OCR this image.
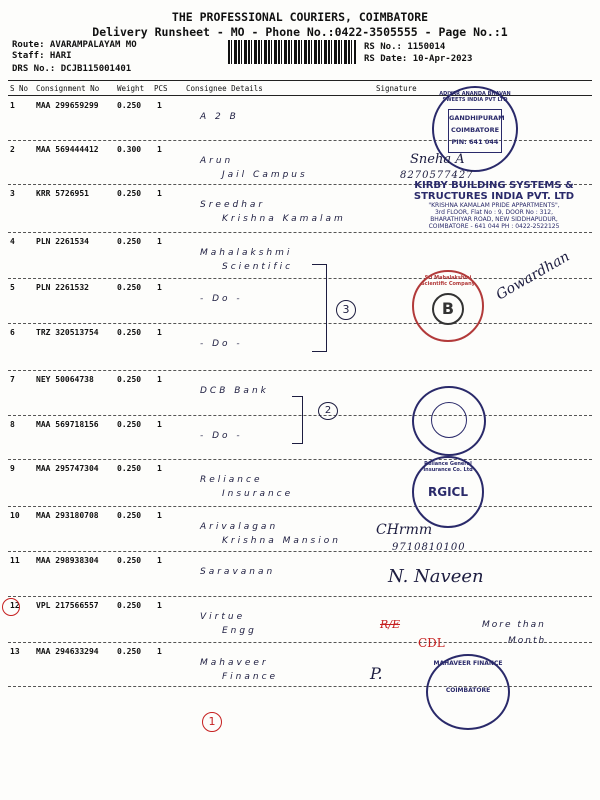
THE PROFESSIONAL COURIERS, COIMBATORE
Delivery Runsheet - MO - Phone No.:0422-3505555 - Page No.:1
Route: AVARAMPALAYAM MO
Staff: HARI
DRS No.: DCJB115001401
RS No.: 1150014
RS Date: 10-Apr-2023
S No Consignment No Weight PCS Consignee Details	Signature
1	MAA 299659299 0.250 1
A 2 B
2	MAA 569444412 0.300 1
Arun
Jail Campus
3	KRR 5726951	0.250 1
Sreedhar
Krishna Kamalam
4	PLN 2261534	0.250 1
Mahalakshmi
Scientific
5	PLN 2261532	0.250 1
- Do -
6	TRZ 320513754 0.250 1
- Do -
7	NEY 50064738	0.250 1
DCB Bank
8	MAA 569718156 0.250 1
- Do -
9	MAA 295747304 0.250 1
Reliance
Insurance
10 MAA 293180708 0.250 1
Arivalagan
Krishna Mansion
11 MAA 298938304 0.250 1
Saravanan
12 VPL 217566557 0.250 1
Virtue
Engg
13 MAA 294633294 0.250 1
Mahaveer
Finance
3
2
ADIYAR ANANDA BHAVAN SWEETS INDIA PVT LTD
GANDHIPURAM
COIMBATORE
PIN: 641 044
Sneha A
8270577427
KIRBY BUILDING SYSTEMS &
STRUCTURES INDIA PVT. LTD
"KRISHNA KAMALAM PRIDE APPARTMENTS",
3rd FLOOR, Flat No : 9, DOOR No : 312,
BHARATHIYAR ROAD, NEW SIDDHAPUDUR,
COIMBATORE - 641 044 PH : 0422-2522125
Sri Mahalakshmi Scientific Company
B
Gowardhan
Reliance General Insurance Co. Ltd
RGICL
CHrmm
9710810100
N. Naveen
R/E	More than
CDL	Month
P.
MAHAVEER FINANCE
COIMBATORE
1
